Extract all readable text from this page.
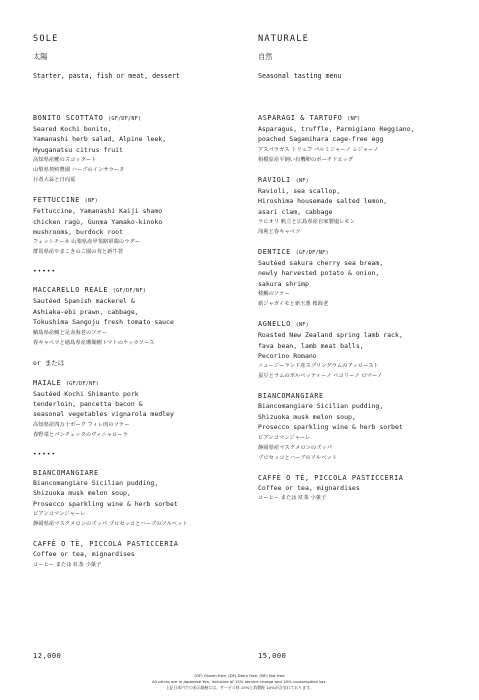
SOLE
太陽
Starter, pasta, fish or meat, dessert
BONITO SCOTTATO (GF/DF/NF)
Seared Kochi bonito,
Yamanashi herb salad, Alpine leek,
Hyuganatsu citrus fruit
高知県産鰹のスコッタート
山梨県契約農園 ハーブのインサラータ
行者大蒜と日向夏
FETTUCCINE (NF)
Fettuccine, Yamanashi Kaiji shamo
chicken ragù, Gunma Yamako-kinoko
mushrooms, burdock root
フェットチーネ 山梨県産甲斐路軍鶏のラグー
群馬県産やまこきのこ園の茸と新牛蒡
•••••
MACCARELLO REALE (GF/DF/NF)
Sautéed Spanish mackerel &
Ashiaka-ebi prawn, cabbage,
Tokushima Sangoju fresh tomato sauce
鰆島県産鯖と足赤海老のソテー
春キャベツと徳島県産珊瑚樹トマトのケッカソース
or または
MAIALE (GF/DF/NF)
Sautéed Kochi Shimanto pork
tenderloin, pancetta bacon &
seasonal vegetables vignarola medley
高知県産四万十ポーク フィレ肉のソテー
春野菜とパンチェッタのヴィニャローラ
•••••
BIANCOMANGIARE
Biancomangiare Sicilian pudding,
Shizuoka musk melon soup,
Prosecco sparkling wine & herb sorbet
ビアンコマンジャーレ
静岡県産マスクメロンのズッパ プロセッコとハーブのソルベット
CAFFÈ O TÈ, PICCOLA PASTICCERIA
Coffee or tea, mignardises
コーヒー または 紅茶 小菓子
NATURALE
自然
Seasonal tasting menu
ASPARAGI & TARTUFO (NF)
Asparagus, truffle, Parmigiano Reggiano,
poached Sagamihara cage-free egg
アスパラガス トリュフ パルミジャーノ レジャーノ
相模原産平飼い有機卵のポーチドエッグ
RAVIOLI (NF)
Ravioli, sea scallop,
Hiroshima housemade salted lemon,
asari clam, cabbage
ラビオリ 帆立と広島県産自家製塩レモン
浅利と春キャベツ
DENTICE (GF/DF/NF)
Sautéed sakura cherry sea bream,
newly harvested potato & onion,
sakura shrimp
桜鯛のソテー
新ジャガイモと新玉葱 桜海老
AGNELLO (NF)
Roasted New Zealand spring lamb rack,
fava bean, lamb meat balls,
Pecorino Romano
ニュージーランド産スプリングラムのアッロースト
蚕豆とラムのポルペッティーノ ペコリーノ ロマーノ
BIANCOMANGIARE
Biancomangiare Sicilian pudding,
Shizuoka musk melon soup,
Prosecco sparkling wine & herb sorbet
ビアンコマンジャーレ
静岡県産マスクメロンのズッパ
プロセッコとハーブのソルベット
CAFFÈ O TÈ, PICCOLA PASTICCERIA
Coffee or tea, mignardises
コーヒー または 紅茶 小菓子
12,000	15,000
(GF) Gluten free, (DF) Dairy free, (NF) Nut free
All prices are in Japanese Yen, inclusive of 15% service charge and 10% consumption tax.
上記日本円での表示価格には、サービス料 15%と消費税 10%が含まれております。
